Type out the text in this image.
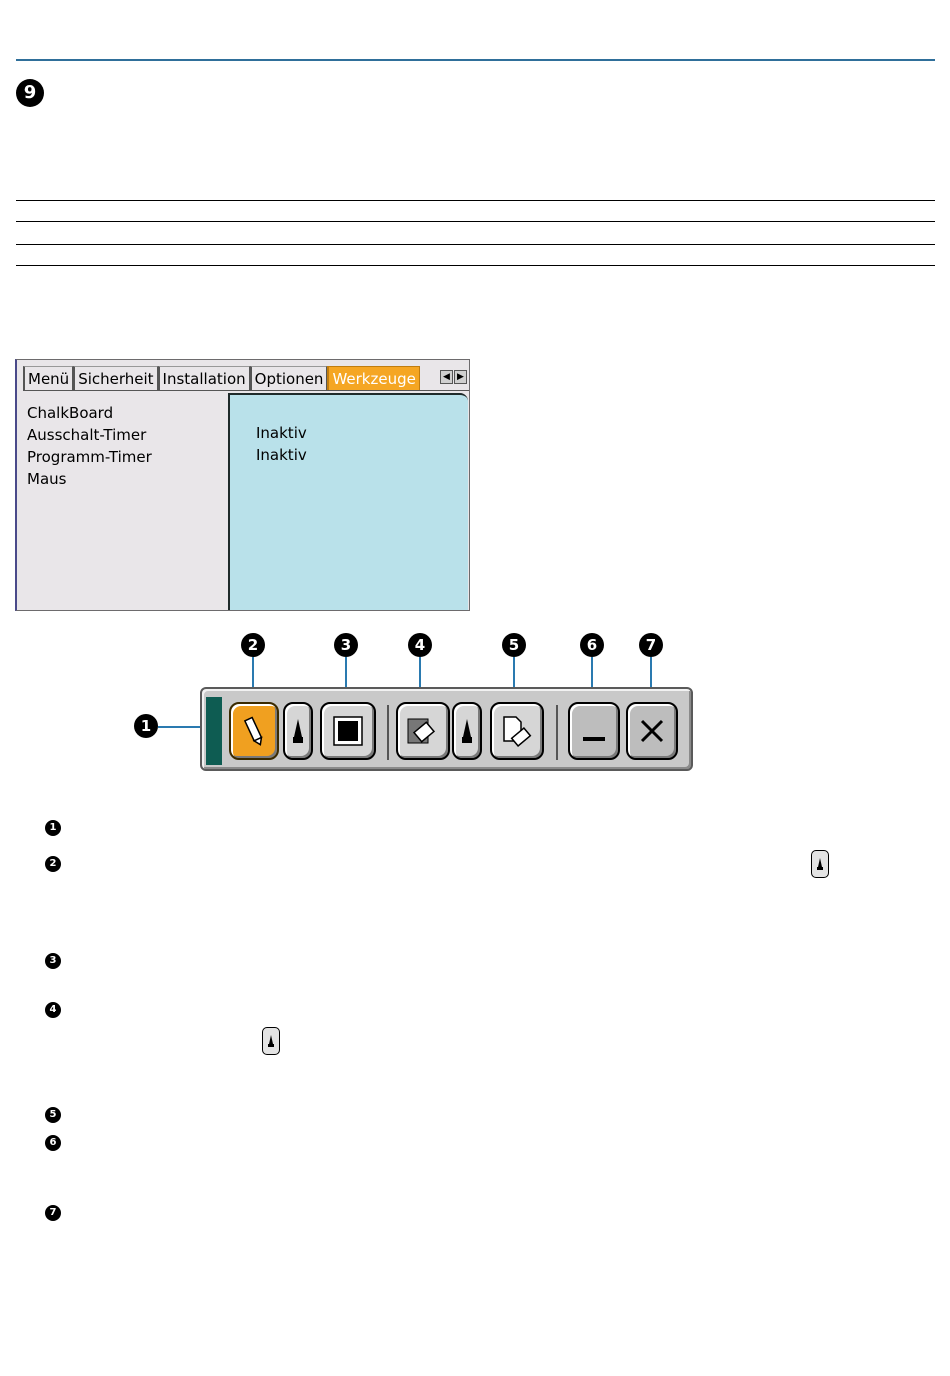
9
Menü Sicherheit Installation Optionen Werkzeuge	◀ ▶
ChalkBoard
Ausschalt-Timer
Programm-Timer
Maus
Inaktiv
Inaktiv
2	3	4	5	6	7
1
1
2
3
4
5
6
7
